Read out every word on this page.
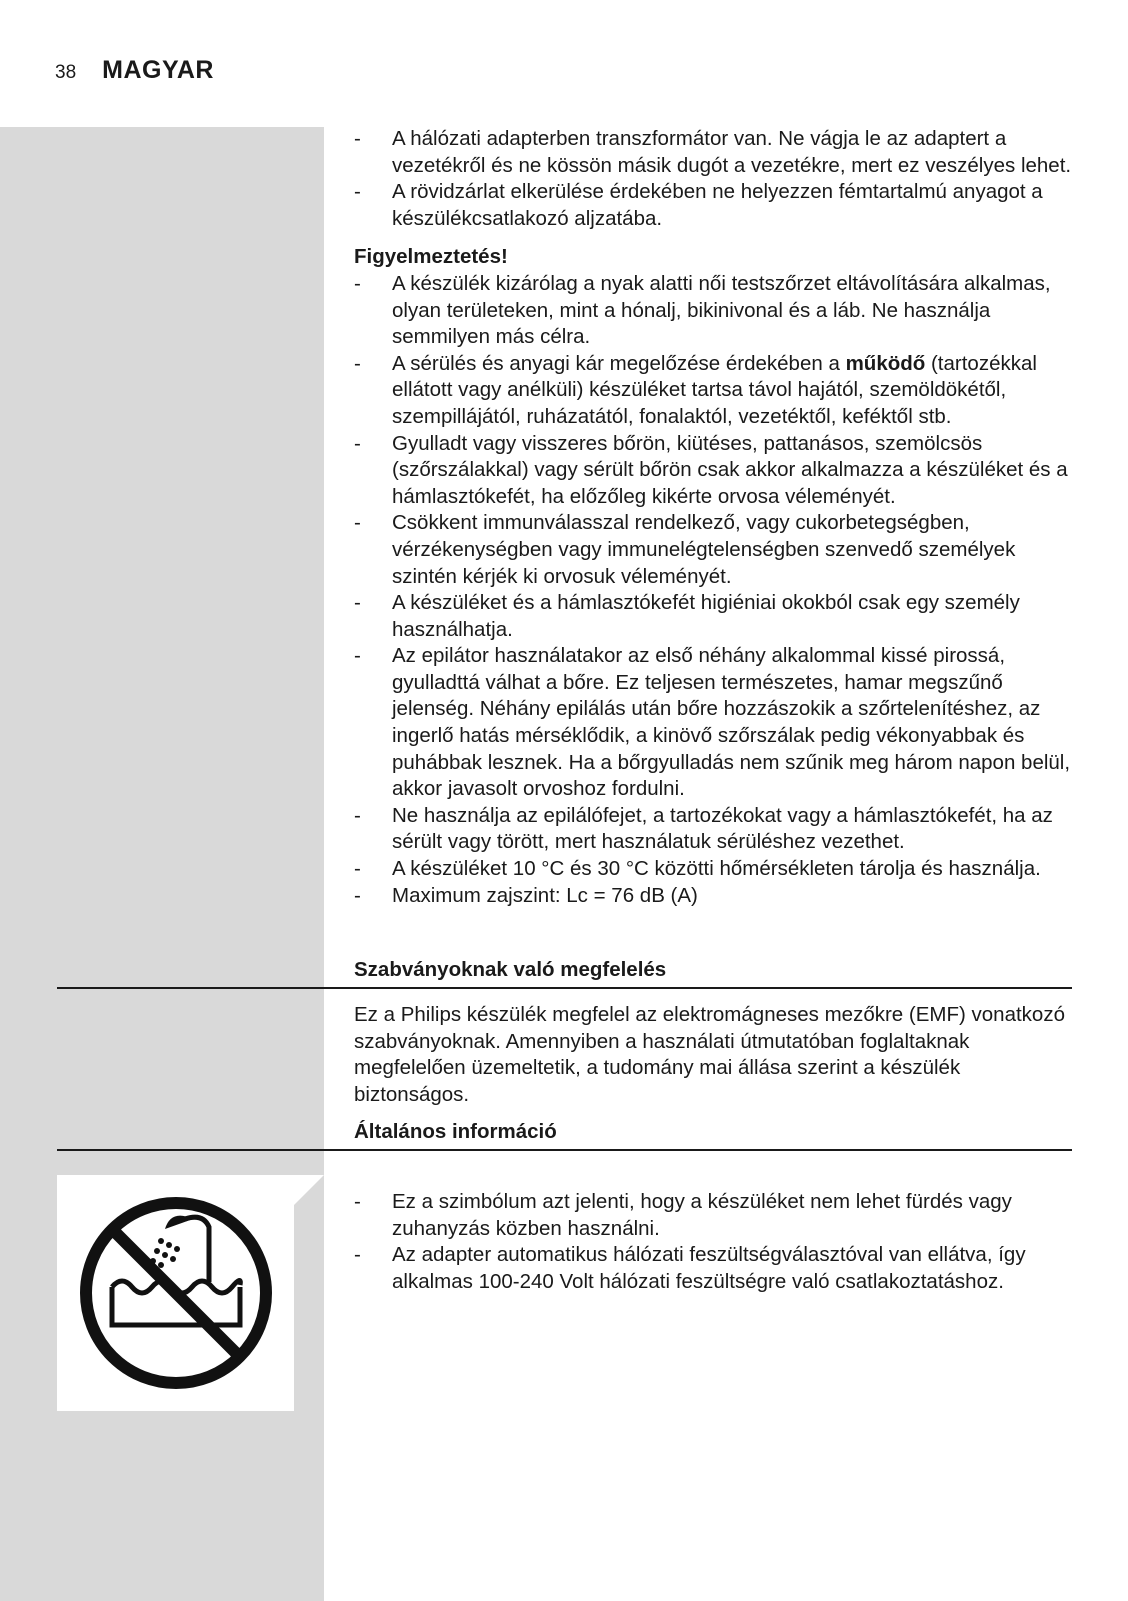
38 MAGYAR
- A hálózati adapterben transzformátor van. Ne vágja le az adaptert a vezetékről és ne kössön másik dugót a vezetékre, mert ez veszélyes lehet.
- A rövidzárlat elkerülése érdekében ne helyezzen fémtartalmú anyagot a készülékcsatlakozó aljzatába.
Figyelmeztetés!
- A készülék kizárólag a nyak alatti női testszőrzet eltávolítására alkalmas, olyan területeken, mint a hónalj, bikinivonal és a láb. Ne használja semmilyen más célra.
- A sérülés és anyagi kár megelőzése érdekében a működő (tartozékkal ellátott vagy anélküli) készüléket tartsa távol hajától, szemöldökétől, szempillájától, ruházatától, fonalaktól, vezetéktől, keféktől stb.
- Gyulladt vagy visszeres bőrön, kiütéses, pattanásos, szemölcsös (szőrszálakkal) vagy sérült bőrön csak akkor alkalmazza a készüléket és a hámlasztókefét, ha előzőleg kikérte orvosa véleményét.
- Csökkent immunválasszal rendelkező, vagy cukorbetegségben, vérzékenységben vagy immunelégtelenségben szenvedő személyek szintén kérjék ki orvosuk véleményét.
- A készüléket és a hámlasztókefét higiéniai okokból csak egy személy használhatja.
- Az epilátor használatakor az első néhány alkalommal kissé pirossá, gyulladttá válhat a bőre. Ez teljesen természetes, hamar megszűnő jelenség. Néhány epilálás után bőre hozzászokik a szőrtelenítéshez, az ingerlő hatás mérséklődik, a kinövő szőrszálak pedig vékonyabbak és puhábbak lesznek. Ha a bőrgyulladás nem szűnik meg három napon belül, akkor javasolt orvoshoz fordulni.
- Ne használja az epilálófejet, a tartozékokat vagy a hámlasztókefét, ha az sérült vagy törött, mert használatuk sérüléshez vezethet.
- A készüléket 10 °C és 30 °C közötti hőmérsékleten tárolja és használja.
- Maximum zajszint: Lc = 76 dB (A)
Szabványoknak való megfelelés
Ez a Philips készülék megfelel az elektromágneses mezőkre (EMF) vonatkozó szabványoknak. Amennyiben a használati útmutatóban foglaltaknak megfelelően üzemeltetik, a tudomány mai állása szerint a készülék biztonságos.
Általános információ
- Ez a szimbólum azt jelenti, hogy a készüléket nem lehet fürdés vagy zuhanyzás közben használni.
- Az adapter automatikus hálózati feszültségválasztóval van ellátva, így alkalmas 100-240 Volt hálózati feszültségre való csatlakoztatáshoz.
